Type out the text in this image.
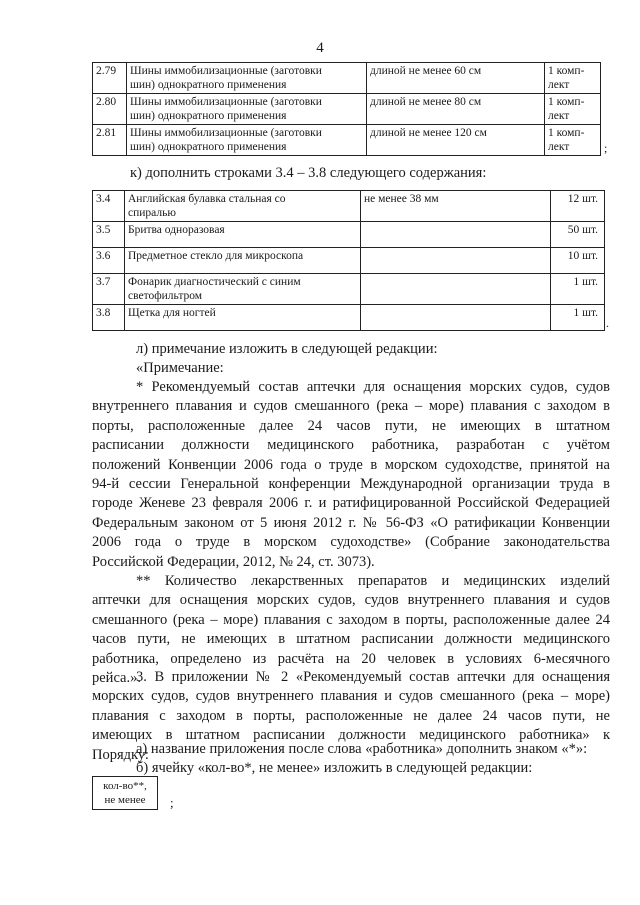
4
2.79	Шины иммобилизационные (заготовки
шин) однократного применения	длиной не менее 60 см	1 комп-
лект
2.80	Шины иммобилизационные (заготовки
шин) однократного применения	длиной не менее 80 см	1 комп-
лект
2.81	Шины иммобилизационные (заготовки
шин) однократного применения	длиной не менее 120 см	1 комп-
лект	;
к) дополнить строками 3.4 – 3.8 следующего содержания:
3.4	Английская булавка стальная со
спиралью	не менее 38 мм	12 шт.
3.5	Бритва одноразовая		50 шт.
3.6	Предметное стекло для микроскопа		10 шт.
3.7	Фонарик диагностический с синим
светофильтром		1 шт.
3.8	Щетка для ногтей		1 шт.
.
л) примечание изложить в следующей редакции:
«Примечание:
* Рекомендуемый состав аптечки для оснащения морских судов, судов
внутреннего плавания и судов смешанного (река – море) плавания с заходом в
порты, расположенные далее 24 часов пути, не имеющих в штатном
расписании должности медицинского работника, разработан с учётом
положений Конвенции 2006 года о труде в морском судоходстве, принятой на
94-й сессии Генеральной конференции Международной организации труда в
городе Женеве 23 февраля 2006 г. и ратифицированной Российской Федерацией
Федеральным законом от 5 июня 2012 г. № 56-ФЗ «О ратификации Конвенции
2006 года о труде в морском судоходстве» (Собрание законодательства
Российской Федерации, 2012, № 24, ст. 3073).
** Количество лекарственных препаратов и медицинских изделий
аптечки для оснащения морских судов, судов внутреннего плавания и судов
смешанного (река – море) плавания с заходом в порты, расположенные далее 24
часов пути, не имеющих в штатном расписании должности медицинского
работника, определено из расчёта на 20 человек в условиях 6-месячного
рейса.».
3. В приложении № 2 «Рекомендуемый состав аптечки для оснащения
морских судов, судов внутреннего плавания и судов смешанного (река – море)
плавания с заходом в порты, расположенные не далее 24 часов пути, не
имеющих в штатном расписании должности медицинского работника» к
Порядку:
а) название приложения после слова «работника» дополнить знаком «*»:
б) ячейку «кол-во*, не менее» изложить в следующей редакции:
кол-во**,
не менее	;
